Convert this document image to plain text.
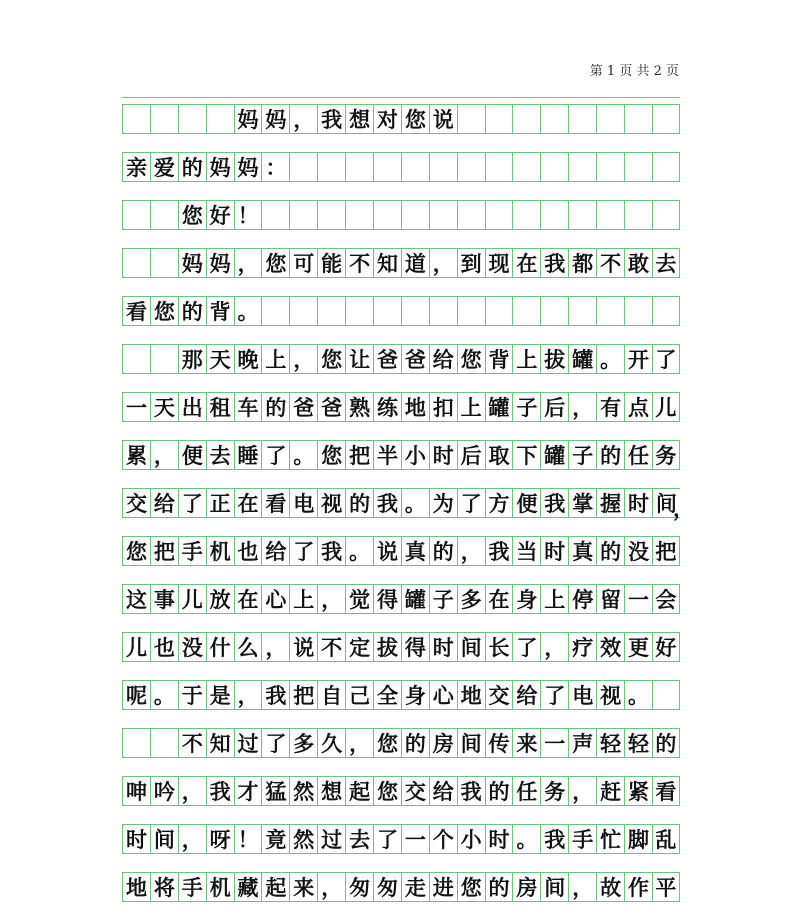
第 1 页 共 2 页
妈 妈 ， 我 想 对 您 说
亲 爱 的 妈 妈 ：
您 好 ！
妈 妈 ， 您 可 能 不 知 道 ， 到 现 在 我 都 不 敢 去
看 您 的 背 。
那 天 晚 上 ， 您 让 爸 爸 给 您 背 上 拔 罐 。 开 了
一 天 出 租 车 的 爸 爸 熟 练 地 扣 上 罐 子 后 ， 有 点 儿
累 ， 便 去 睡 了 。 您 把 半 小 时 后 取 下 罐 子 的 任 务
交 给 了 正 在 看 电 视 的 我 。 为 了 方 便 我 掌 握 时 间
，
您 把 手 机 也 给 了 我 。 说 真 的 ， 我 当 时 真 的 没 把
这 事 儿 放 在 心 上 ， 觉 得 罐 子 多 在 身 上 停 留 一 会
儿 也 没 什 么 ， 说 不 定 拔 得 时 间 长 了 ， 疗 效 更 好
呢 。 于 是 ， 我 把 自 己 全 身 心 地 交 给 了 电 视 。
不 知 过 了 多 久 ， 您 的 房 间 传 来 一 声 轻 轻 的
呻 吟 ， 我 才 猛 然 想 起 您 交 给 我 的 任 务 ， 赶 紧 看
时 间 ， 呀 ！ 竟 然 过 去 了 一 个 小 时 。 我 手 忙 脚 乱
地 将 手 机 藏 起 来 ， 匆 匆 走 进 您 的 房 间 ， 故 作 平
